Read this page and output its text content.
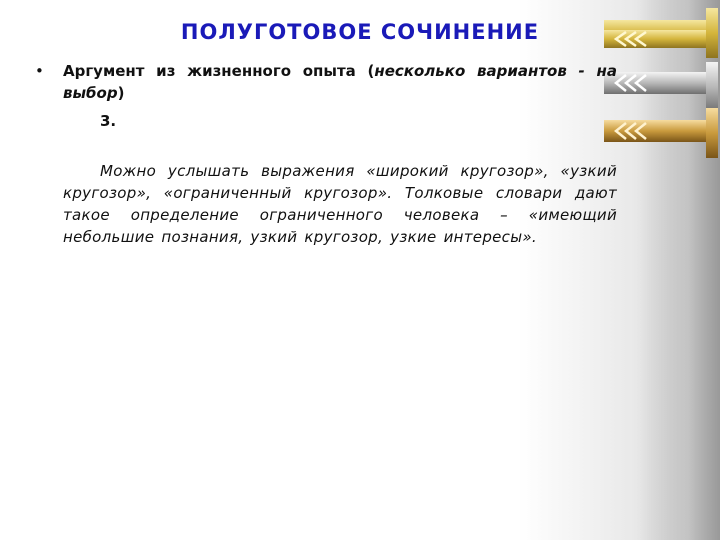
ПОЛУГОТОВОЕ СОЧИНЕНИЕ
• Аргумент из жизненного опыта (несколько вариантов - на выбор)
3.
Можно услышать выражения «широкий кругозор», «узкий кругозор», «ограниченный кругозор». Толковые словари дают такое определение ограниченного человека – «имеющий небольшие познания, узкий кругозор, узкие интересы».
